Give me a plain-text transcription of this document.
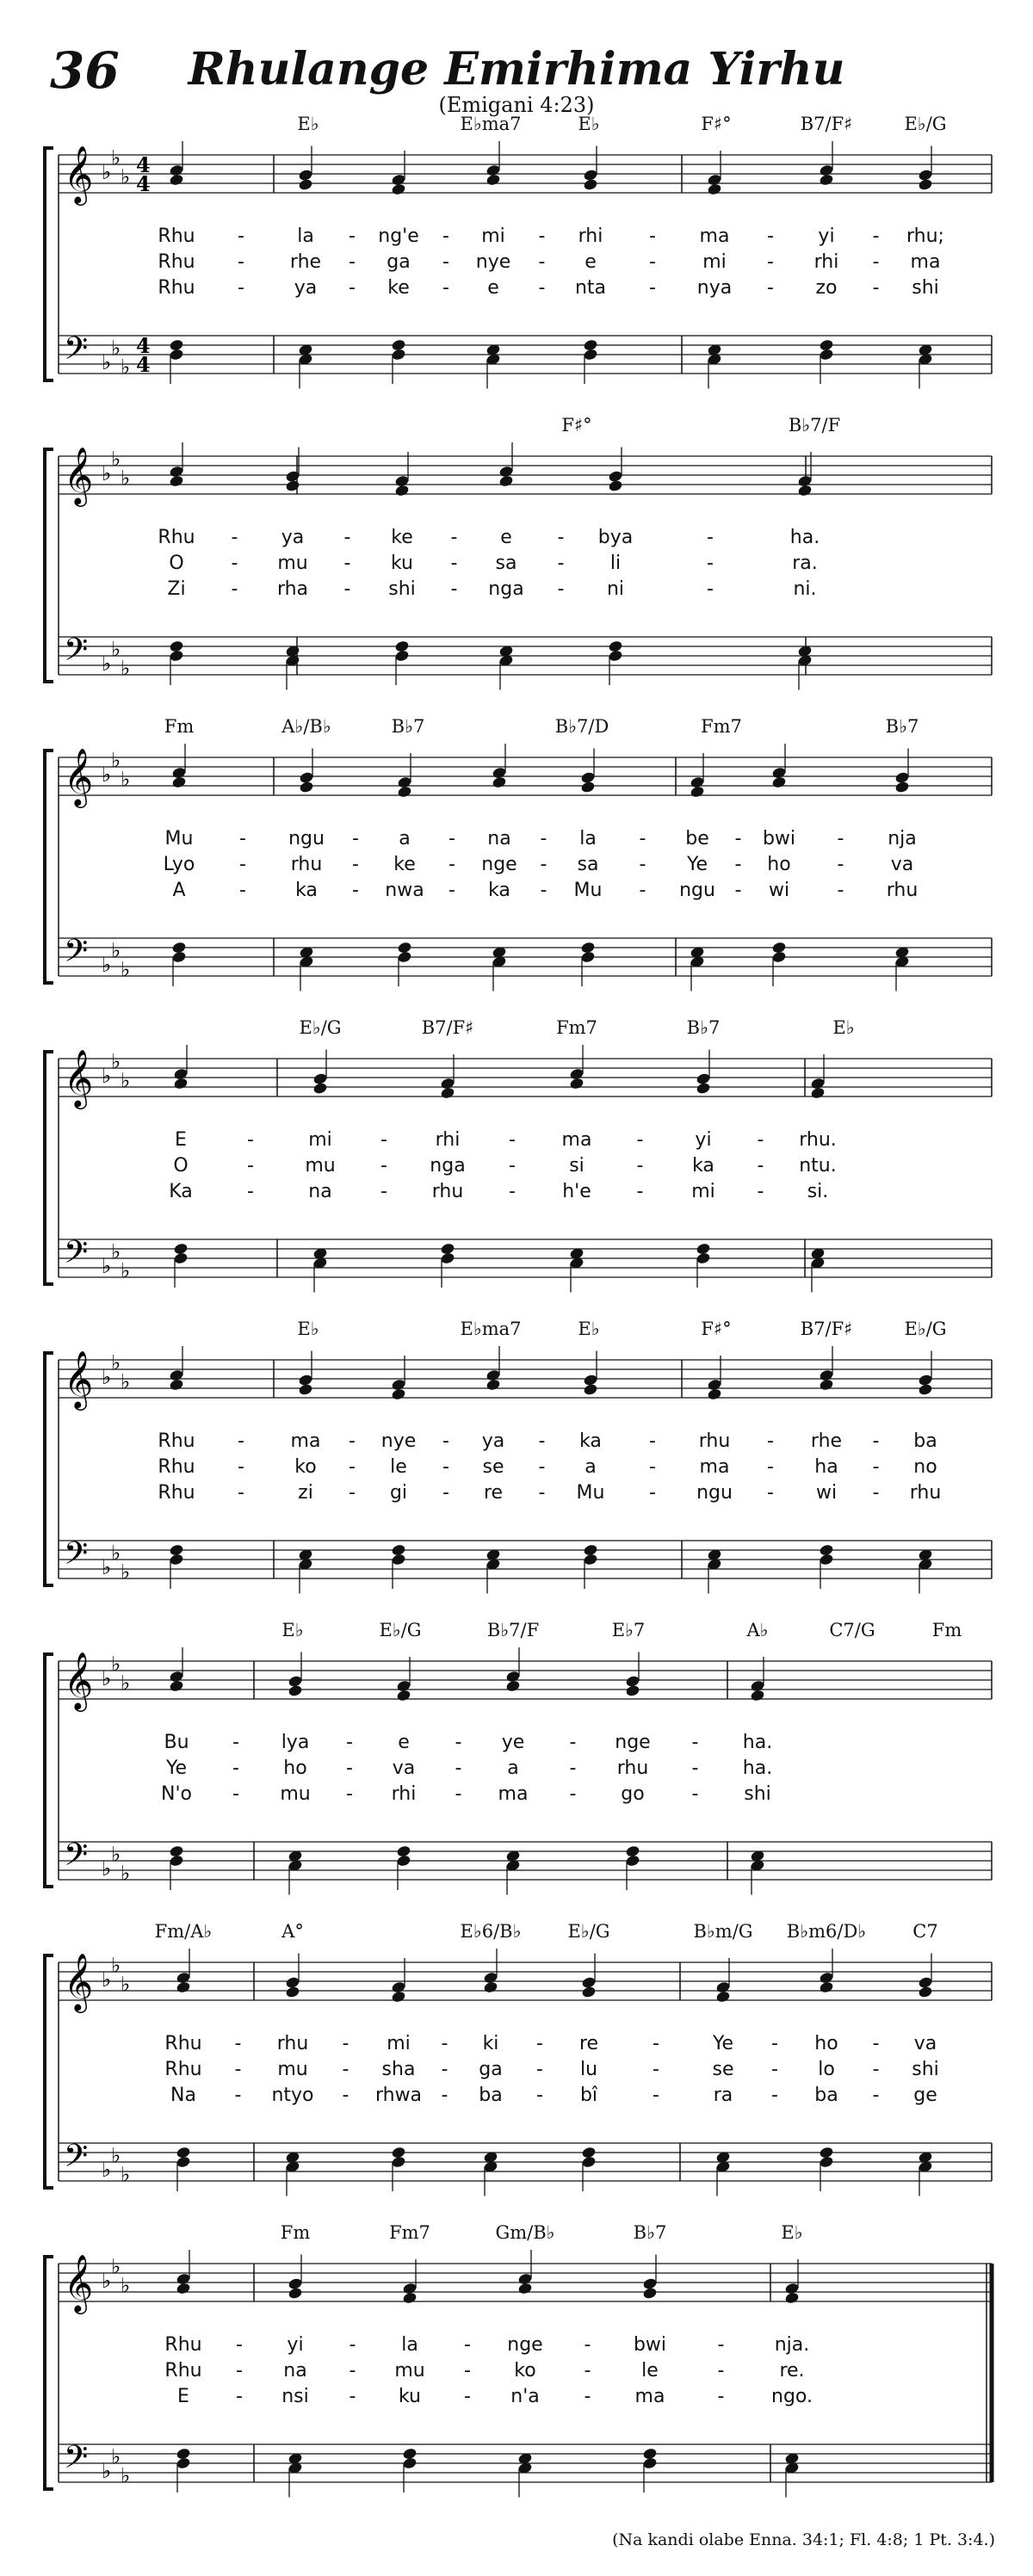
36	Rhulange Emirhima Yirhu
(Emigani 4:23)
𝄞
𝄢
♭
♭
♭
♭
♭
♭
4
4
4
4
E♭	E♭ma7	E♭	F♯°	B7/F♯	E♭/G
Rhu -	la - ng'e - mi - rhi - ma - yi - rhu;
Rhu - rhe - ga - nye - e	- mi - rhi - ma
Rhu -	ya - ke - e - nta - nya - zo - shi
𝄞
𝄢
♭
♭
♭
♭
♭
♭
F♯°	B♭7/F
Rhu - ya - ke - e - bya	-	ha.
O - mu - ku - sa - li	-	ra.
Zi - rha - shi - nga - ni	-	ni.
𝄞
𝄢
♭
♭
♭
♭
♭
♭
Fm	A♭/B♭	B♭7	B♭7/D	Fm7	B♭7
Mu - ngu - a - na - la - be - bwi - nja
Lyo - rhu - ke - nge - sa - Ye - ho - va
A	-	ka - nwa - ka - Mu - ngu - wi	- rhu
𝄞
𝄢
♭
♭
♭
♭
♭
♭
E♭/G	B7/F♯	Fm7	B♭7	E♭
E	-	mi	-	rhi	- ma -	yi - rhu.
O	-	mu - nga -	si	-	ka - ntu.
Ka	-	na	- rhu - h'e -	mi - si.
𝄞
𝄢
♭
♭
♭
♭
♭
♭
E♭	E♭ma7	E♭	F♯°	B7/F♯	E♭/G
Rhu - ma - nye - ya - ka	- rhu - rhe - ba
Rhu -	ko - le - se - a	- ma - ha - no
Rhu -	zi - gi - re - Mu - ngu - wi - rhu
𝄞
𝄢
♭
♭
♭
♭
♭
♭
E♭	E♭/G	B♭7/F	E♭7	A♭	C7/G	Fm
Bu - lya - e - ye - nge - ha.
Ye - ho - va - a	- rhu - ha.
N'o - mu - rhi - ma - go - shi
𝄞
𝄢
♭
♭
♭
♭
♭
♭
Fm/A♭	A°	E♭6/B♭	E♭/G	B♭m/G B♭m6/D♭	C7
Rhu - rhu - mi - ki - re	-	Ye - ho - va
Rhu - mu - sha - ga - lu	-	se - lo - shi
Na - ntyo - rhwa - ba - bî	-	ra - ba - ge
𝄞
𝄢
♭
♭
♭
♭
♭
♭
Fm	Fm7	Gm/B♭	B♭7	E♭
Rhu - yi - la - nge - bwi	-	nja.
Rhu - na - mu - ko	-	le	-	re.
E - nsi - ku - n'a - ma	- ngo.
(Na kandi olabe Enna. 34:1; Fl. 4:8; 1 Pt. 3:4.)
